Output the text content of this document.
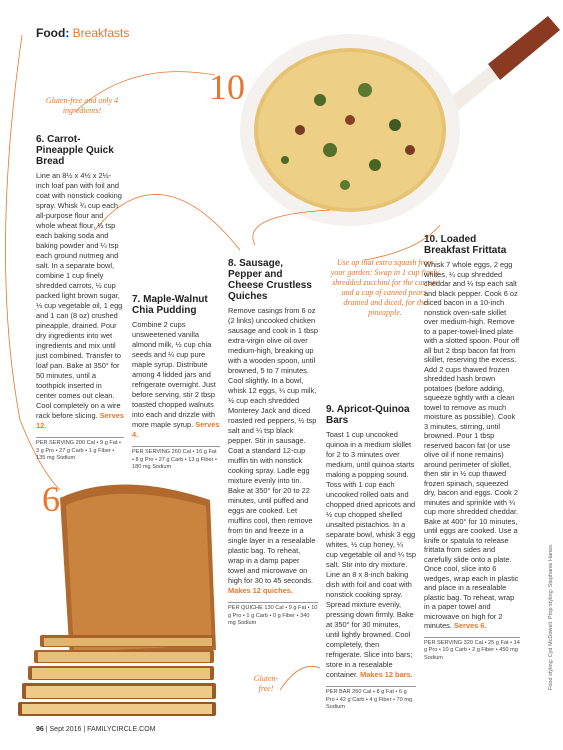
Food: Breakfasts
10
6
Gluten-free and only 4 ingredients!
Use up that extra squash from your garden: Swap in 1 cup finely shredded zucchini for the carrots and a cup of canned pears, drained and diced, for the pineapple.
Gluten-free!
6. Carrot-Pineapple Quick Bread
Line an 8½ x 4½ x 2½-inch loaf pan with foil and coat with nonstick cooking spray. Whisk ¾ cup each all-purpose flour and whole wheat flour, ½ tsp each baking soda and baking powder and ¼ tsp each ground nutmeg and salt. In a separate bowl, combine 1 cup finely shredded carrots, ½ cup packed light brown sugar, ⅓ cup vegetable oil, 1 egg and 1 can (8 oz) crushed pineapple, drained. Pour dry ingredients into wet ingredients and mix until just combined. Transfer to loaf pan. Bake at 350° for 50 minutes, until a toothpick inserted in center comes out clean. Cool completely on a wire rack before slicing. Serves 12.
PER SERVING 200 Cal • 9 g Fat • 3 g Pro • 27 g Carb • 1 g Fiber • 135 mg Sodium
7. Maple-Walnut Chia Pudding
Combine 2 cups unsweetened vanilla almond milk, ½ cup chia seeds and ¼ cup pure maple syrup. Distribute among 4 lidded jars and refrigerate overnight. Just before serving, stir 2 tbsp toasted chopped walnuts into each and drizzle with more maple syrup. Serves 4.
PER SERVING 260 Cal • 16 g Fat • 8 g Pro • 27 g Carb • 13 g Fiber • 180 mg Sodium
8. Sausage, Pepper and Cheese Crustless Quiches
Remove casings from 6 oz (2 links) uncooked chicken sausage and cook in 1 tbsp extra-virgin olive oil over medium-high, breaking up with a wooden spoon, until browned, 5 to 7 minutes. Cool slightly. In a bowl, whisk 12 eggs, ¼ cup milk, ½ cup each shredded Monterey Jack and diced roasted red peppers, ½ tsp salt and ¼ tsp black pepper. Stir in sausage. Coat a standard 12-cup muffin tin with nonstick cooking spray. Ladle egg mixture evenly into tin. Bake at 350° for 20 to 22 minutes, until puffed and eggs are cooked. Let muffins cool, then remove from tin and freeze in a single layer in a resealable plastic bag. To reheat, wrap in a damp paper towel and microwave on high for 30 to 45 seconds. Makes 12 quiches.
PER QUICHE 130 Cal • 9 g Fat • 10 g Pro • 1 g Carb • 0 g Fiber • 340 mg Sodium
9. Apricot-Quinoa Bars
Toast 1 cup uncooked quinoa in a medium skillet for 2 to 3 minutes over medium, until quinoa starts making a popping sound. Toss with 1 cup each uncooked rolled oats and chopped dried apricots and ½ cup chopped shelled unsalted pistachios. In a separate bowl, whisk 3 egg whites, ½ cup honey, ¼ cup vegetable oil and ¼ tsp salt. Stir into dry mixture. Line an 8 x 8-inch baking dish with foil and coat with nonstick cooking spray. Spread mixture evenly, pressing down firmly. Bake at 350° for 30 minutes, until lightly browned. Cool completely, then refrigerate. Slice into bars; store in a resealable container. Makes 12 bars.
PER BAR 260 Cal • 8 g Fat • 6 g Pro • 42 g Carb • 4 g Fiber • 70 mg Sodium
10. Loaded Breakfast Frittata
Whisk 7 whole eggs, 2 egg whites, ¼ cup shredded cheddar and ¼ tsp each salt and black pepper. Cook 6 oz diced bacon in a 10-inch nonstick oven-safe skillet over medium-high. Remove to a paper-towel-lined plate with a slotted spoon. Pour off all but 2 tbsp bacon fat from skillet, reserving the excess. Add 2 cups thawed frozen shredded hash brown potatoes (before adding, squeeze tightly with a clean towel to remove as much moisture as possible). Cook 3 minutes, stirring, until browned. Pour 1 tbsp reserved bacon fat (or use olive oil if none remains) around perimeter of skillet, then stir in ½ cup thawed frozen spinach, squeezed dry, bacon and eggs. Cook 2 minutes and sprinkle with ¼ cup more shredded cheddar. Bake at 400° for 10 minutes, until eggs are cooked. Use a knife or spatula to release frittata from sides and carefully slide onto a plate. Once cool, slice into 6 wedges, wrap each in plastic and place in a resealable plastic bag. To reheat, wrap in a paper towel and microwave on high for 2 minutes. Serves 6.
PER SERVING 320 Cal • 25 g Fat • 14 g Pro • 10 g Carb • 2 g Fiber • 450 mg Sodium
96 | Sept 2016 | FAMILYCIRCLE.COM
Food styling: Cyd McDowell. Prop styling: Stephanie Hanes.
